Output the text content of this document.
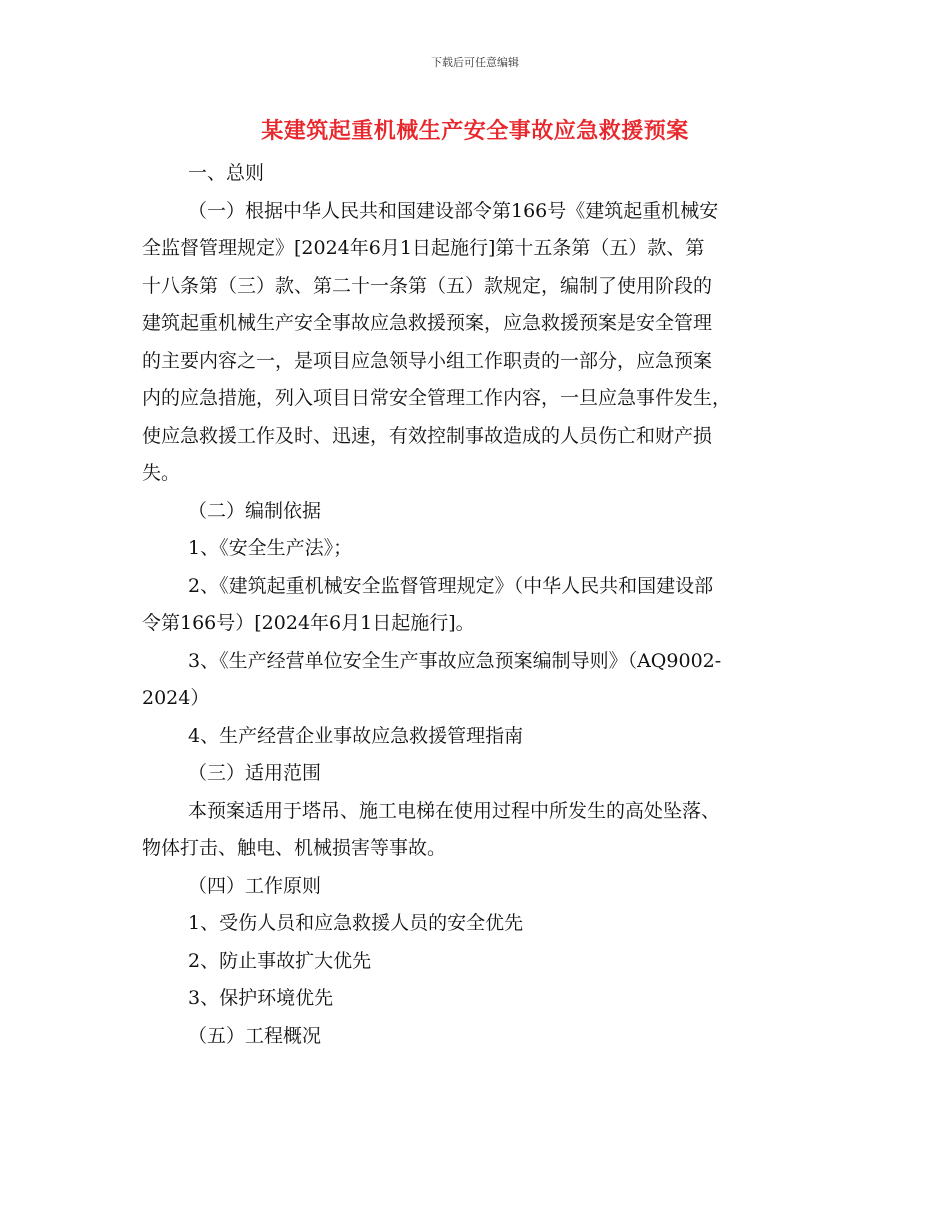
下载后可任意编辑
某建筑起重机械生产安全事故应急救援预案
一、总则
（一）根据中华人民共和国建设部令第166号《建筑起重机械安
全监督管理规定》[2024年6月1日起施行]第十五条第（五）款、第
十八条第（三）款、第二十一条第（五）款规定，编制了使用阶段的
建筑起重机械生产安全事故应急救援预案，应急救援预案是安全管理
的主要内容之一，是项目应急领导小组工作职责的一部分，应急预案
内的应急措施，列入项目日常安全管理工作内容，一旦应急事件发生，
使应急救援工作及时、迅速，有效控制事故造成的人员伤亡和财产损
失。
（二）编制依据
1、《安全生产法》；
2、《建筑起重机械安全监督管理规定》（中华人民共和国建设部
令第166号）[2024年6月1日起施行]。
3、《生产经营单位安全生产事故应急预案编制导则》（AQ9002-
2024）
4、生产经营企业事故应急救援管理指南
（三）适用范围
本预案适用于塔吊、施工电梯在使用过程中所发生的高处坠落、
物体打击、触电、机械损害等事故。
（四）工作原则
1、受伤人员和应急救援人员的安全优先
2、防止事故扩大优先
3、保护环境优先
（五）工程概况
